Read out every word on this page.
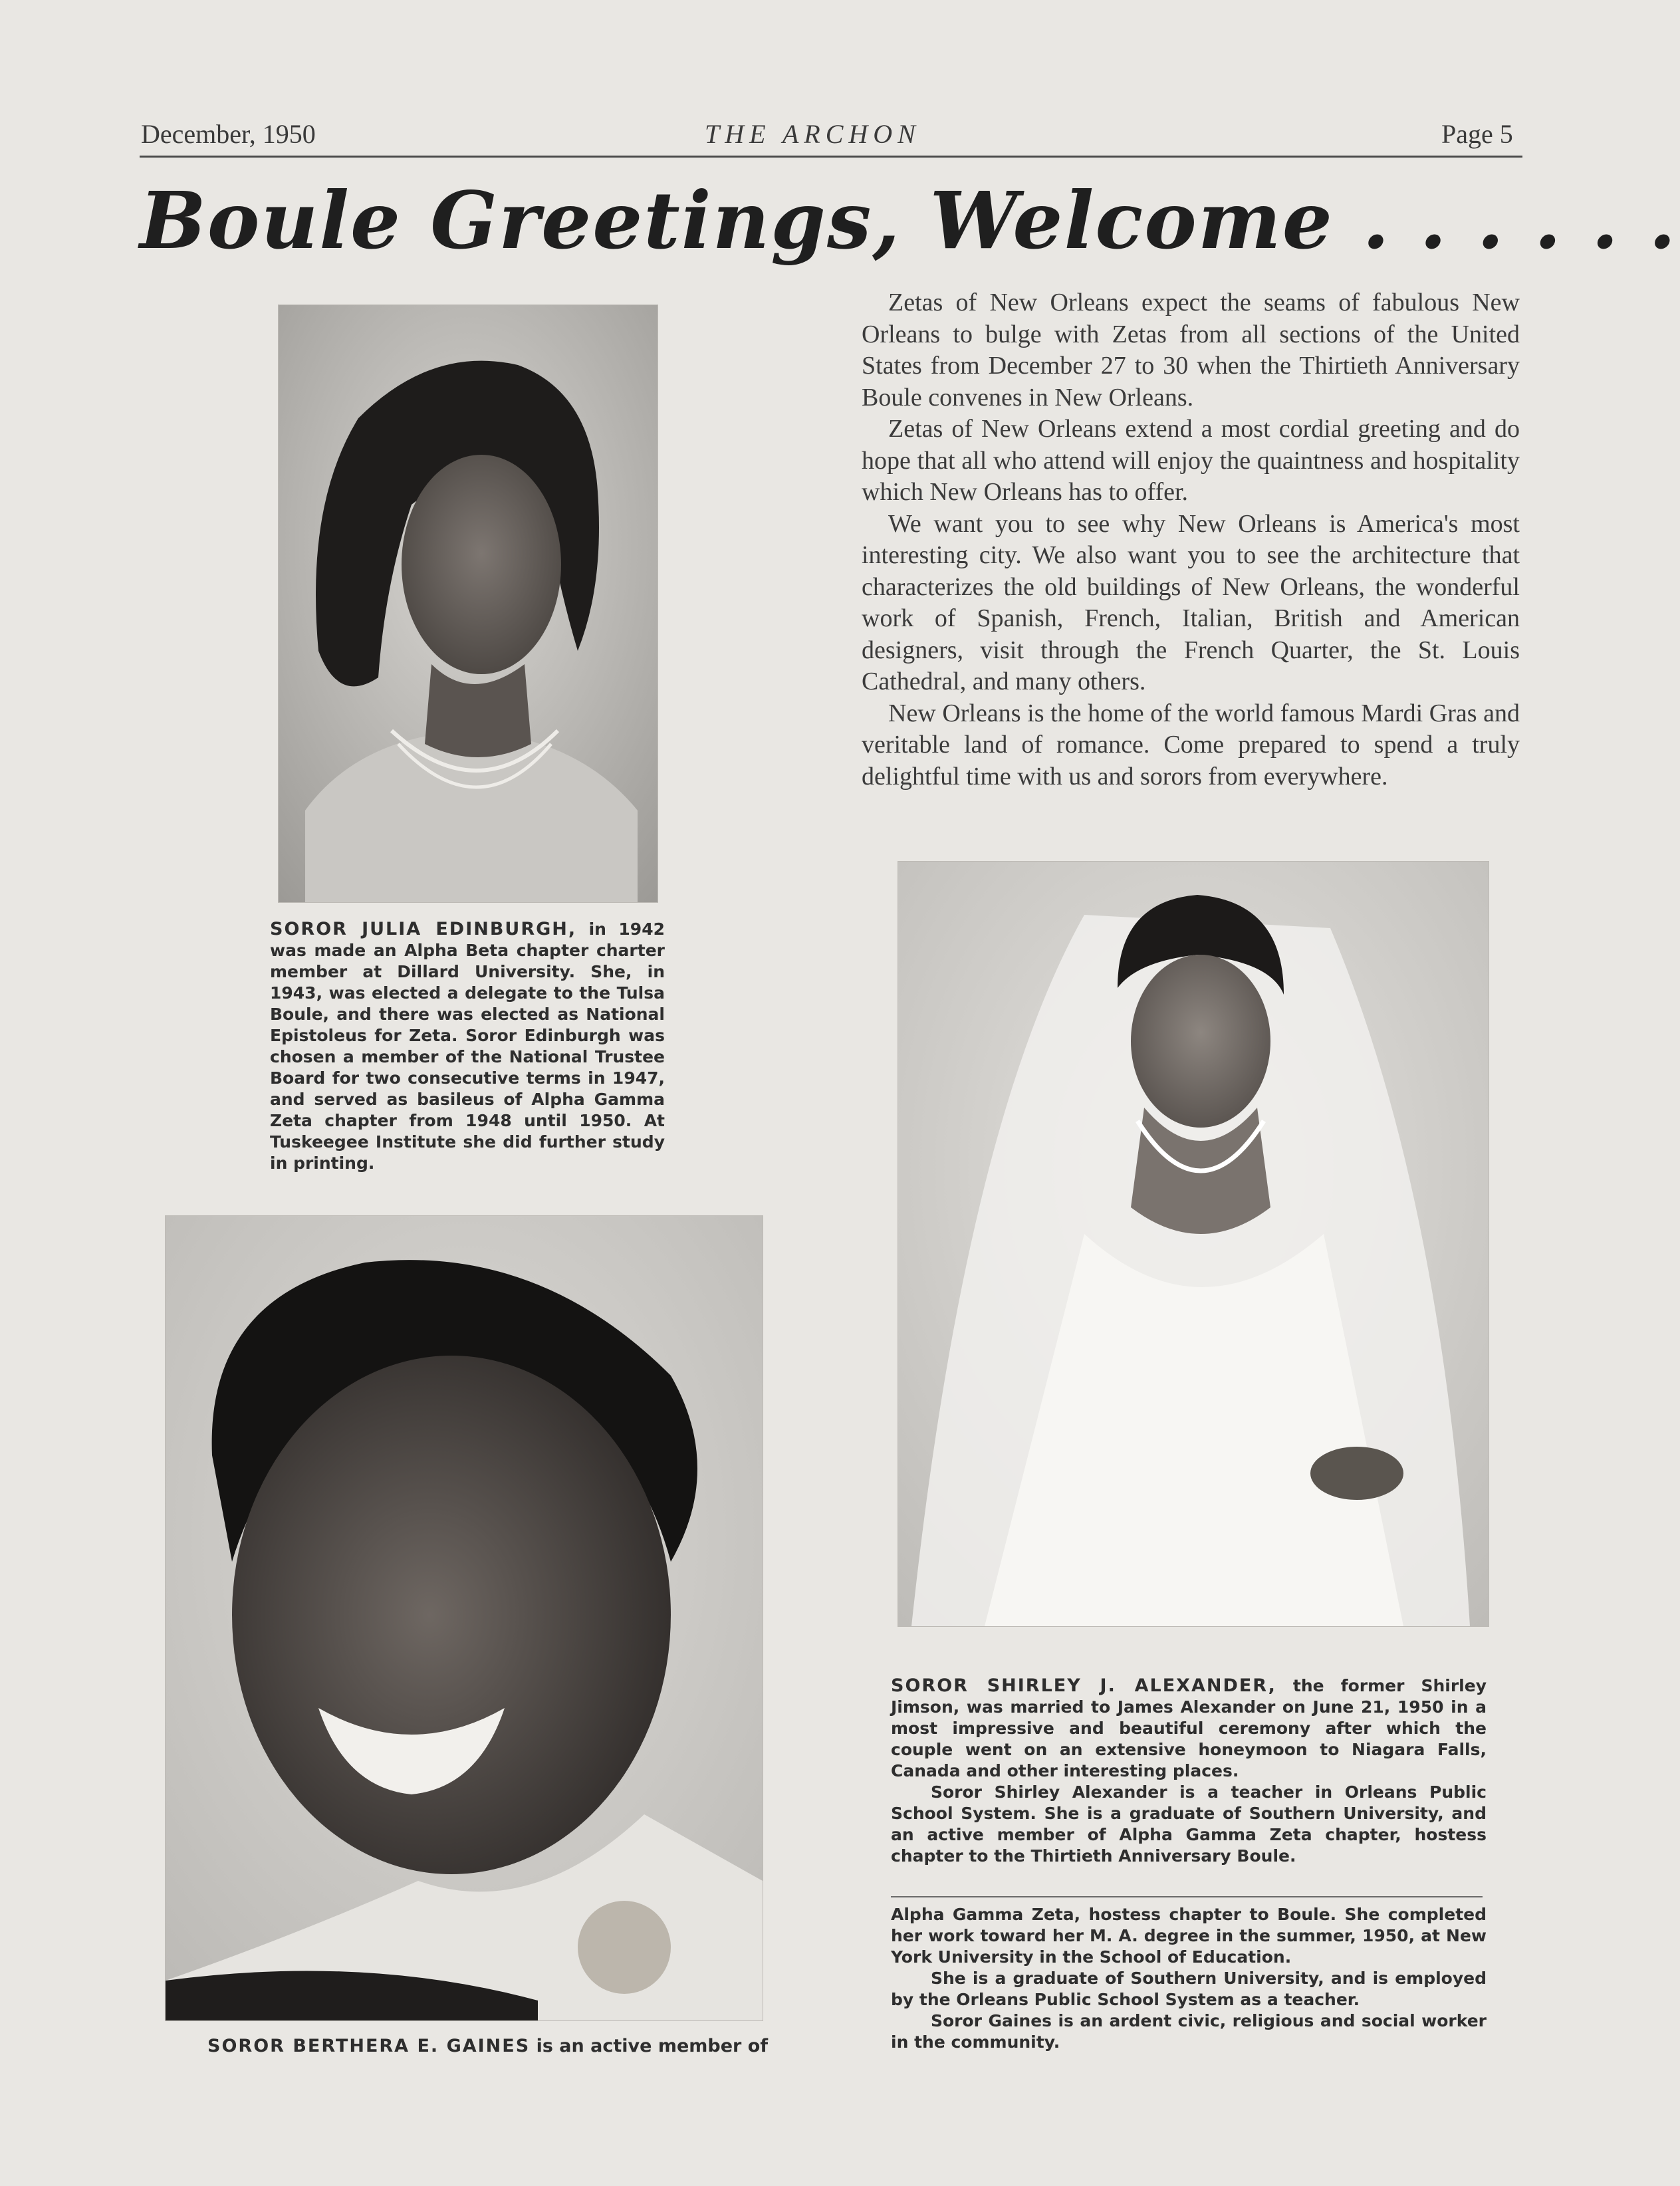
December, 1950	THE ARCHON	Page 5
Boule Greetings, Welcome . . . . . .

Zetas of New Orleans expect the seams of fabulous New Orleans to bulge with Zetas from all sections of the United States from December 27 to 30 when the Thirtieth Anniversary Boule convenes in New Orleans.

Zetas of New Orleans extend a most cordial greeting and do hope that all who attend will enjoy the quaintness and hospitality which New Orleans has to offer.

We want you to see why New Orleans is America's most interesting city. We also want you to see the architecture that characterizes the old buildings of New Orleans, the wonderful work of Spanish, French, Italian, British and American designers, visit through the French Quarter, the St. Louis Cathedral, and many others.

New Orleans is the home of the world famous Mardi Gras and veritable land of romance. Come prepared to spend a truly delightful time with us and sorors from everywhere.

SOROR JULIA EDINBURGH, in 1942 was made an Alpha Beta chapter charter member at Dillard University. She, in 1943, was elected a delegate to the Tulsa Boule, and there was elected as National Epistoleus for Zeta. Soror Edinburgh was chosen a member of the National Trustee Board for two consecutive terms in 1947, and served as basileus of Alpha Gamma Zeta chapter from 1948 until 1950. At Tuskeegee Institute she did further study in printing.

SOROR SHIRLEY J. ALEXANDER, the former Shirley Jimson, was married to James Alexander on June 21, 1950 in a most impressive and beautiful ceremony after which the couple went on an extensive honeymoon to Niagara Falls, Canada and other interesting places.

Soror Shirley Alexander is a teacher in Orleans Public School System. She is a graduate of Southern University, and an active member of Alpha Gamma Zeta chapter, hostess chapter to the Thirtieth Anniversary Boule.

Alpha Gamma Zeta, hostess chapter to Boule. She completed her work toward her M. A. degree in the summer, 1950, at New York University in the School of Education.

She is a graduate of Southern University, and is employed by the Orleans Public School System as a teacher.

Soror Gaines is an ardent civic, religious and social worker in the community.

SOROR BERTHERA E. GAINES is an active member of
